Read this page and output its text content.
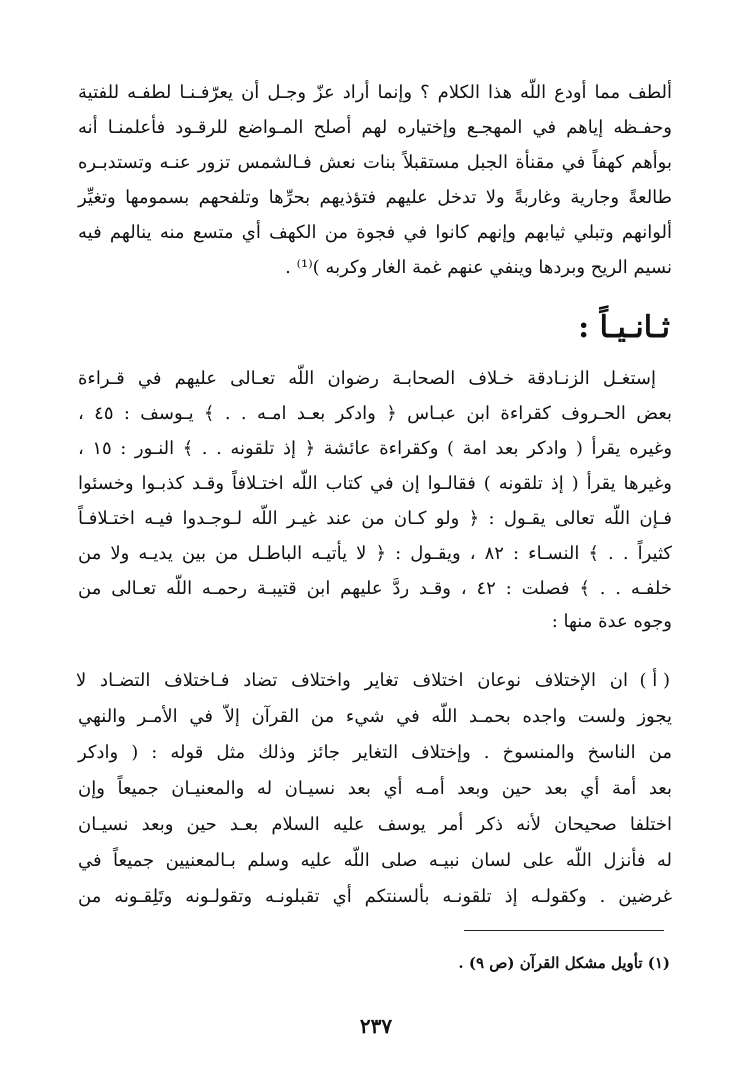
ألطف مما أودع اللّه هذا الكلام ؟ وإنما أراد عزّ وجـل أن يعرّفـنـا لطفـه للفتية
وحفـظه إياهم في المهجـع وإختياره لهم أصلح المـواضع للرقـود فأعلمنـا أنه
بوأهم كهفاً في مقنأة الجبل مستقبلاً بنات نعش فـالشمس تزور عنـه وتستدبـره
طالعةً وجارية وغاربةً ولا تدخل عليهم فتؤذيهم بحرِّها وتلفحهم بسمومها وتغيِّر
ألوانهم وتبلي ثيابهم وإنهم كانوا في فجوة من الكهف أي متسع منه ينالهم فيه
نسيم الريح وبردها وينفي عنهم غمة الغار وكربه )⁽¹⁾ .
ثـانـيـاً :
إستغـل الزنـادقة خـلاف الصحابـة رضوان اللّه تعـالى عليهم في قـراءة
بعض الحـروف كقراءة ابن عبـاس ﴿ وادكر بعـد امـه . . ﴾ يـوسف : ٤٥ ،
وغيره يقرأ ( وادكر بعد امة ) وكقراءة عائشة ﴿ إذ تلقونه . . ﴾ النـور : ١٥ ،
وغيرها يقرأ ( إذ تلقونه ) فقالـوا إن في كتاب اللّه اختـلافاً وقـد كذبـوا وخسئوا
فـإن اللّه تعالى يقـول : ﴿ ولو كـان من عند غيـر اللّه لـوجـدوا فيـه اختـلافـاً
كثيراً . . ﴾ النسـاء : ٨٢ ، ويقـول : ﴿ لا يأتيـه الباطـل من بين يديـه ولا من
خلفـه . . ﴾ فصلت : ٤٢ ، وقـد ردَّ عليهم ابن قتيبـة رحمـه اللّه تعـالى من
وجوه عدة منها :
( أ )
ان الإختلاف نوعان اختلاف تغاير واختلاف تضاد فـاختلاف التضـاد لا
يجوز ولست واجده بحمـد اللّه في شيء من القرآن إلاّ في الأمـر والنهي
من الناسخ والمنسوخ . وإختلاف التغاير جائز وذلك مثل قوله : ( وادكر
بعد أمة أي بعد حين وبعد أمـه أي بعد نسيـان له والمعنيـان جميعاً وإن
اختلفا صحيحان لأنه ذكر أمر يوسف عليه السلام بعـد حين وبعد نسيـان
له فأنزل اللّه على لسان نبيـه صلى اللّه عليه وسلم بـالمعنيين جميعاً في
غرضين . وكقولـه إذ تلقونـه بألسنتكم أي تقبلونـه وتقولـونه وتَلِقـونه من
(١) تأويل مشكل القرآن (ص ٩) .
٢٣٧
